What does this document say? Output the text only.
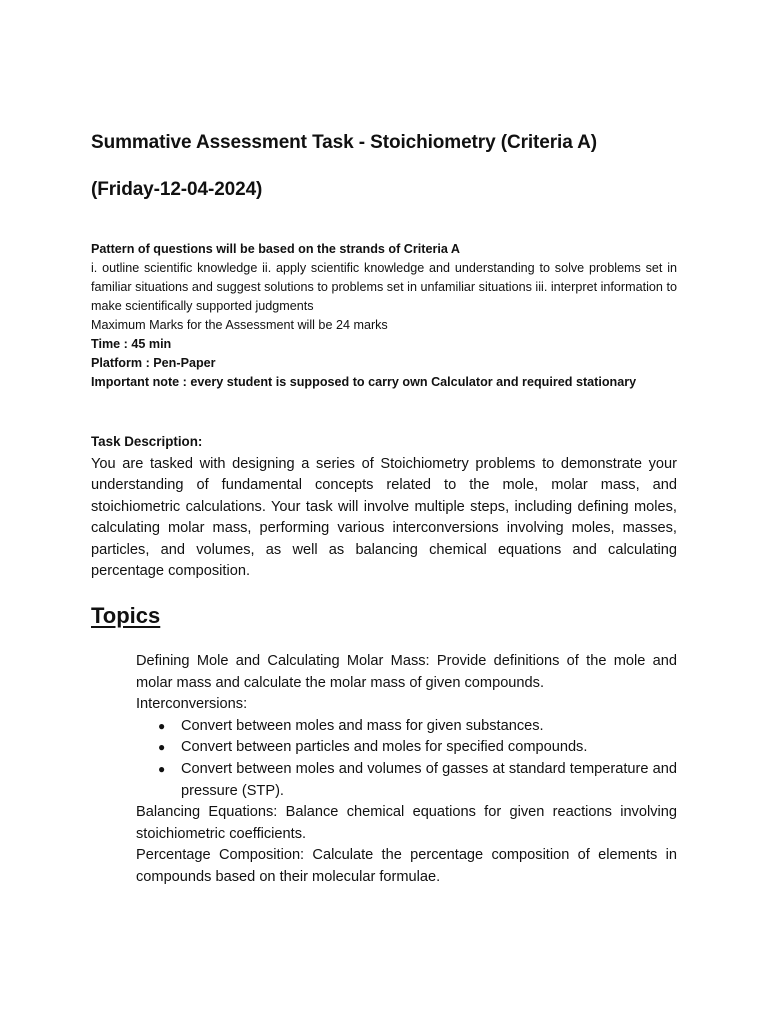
Summative Assessment Task - Stoichiometry (Criteria A)
(Friday-12-04-2024)

Pattern of questions will be based on the strands of Criteria A

i. outline scientific knowledge ii. apply scientific knowledge and understanding to solve problems set in familiar situations and suggest solutions to problems set in unfamiliar situations iii. interpret information to make scientifically supported judgments

Maximum Marks for the Assessment will be 24 marks

Time : 45 min

Platform : Pen-Paper

Important note : every student is supposed to carry own Calculator and required stationary

Task Description:

You are tasked with designing a series of Stoichiometry problems to demonstrate your understanding of fundamental concepts related to the mole, molar mass, and stoichiometric calculations. Your task will involve multiple steps, including defining moles, calculating molar mass, performing various interconversions involving moles, masses, particles, and volumes, as well as balancing chemical equations and calculating percentage composition.

Topics

Defining Mole and Calculating Molar Mass: Provide definitions of the mole and molar mass and calculate the molar mass of given compounds.

Interconversions:

● Convert between moles and mass for given substances.
● Convert between particles and moles for specified compounds.
● Convert between moles and volumes of gasses at standard temperature and pressure (STP).

Balancing Equations: Balance chemical equations for given reactions involving stoichiometric coefficients.

Percentage Composition: Calculate the percentage composition of elements in compounds based on their molecular formulae.
